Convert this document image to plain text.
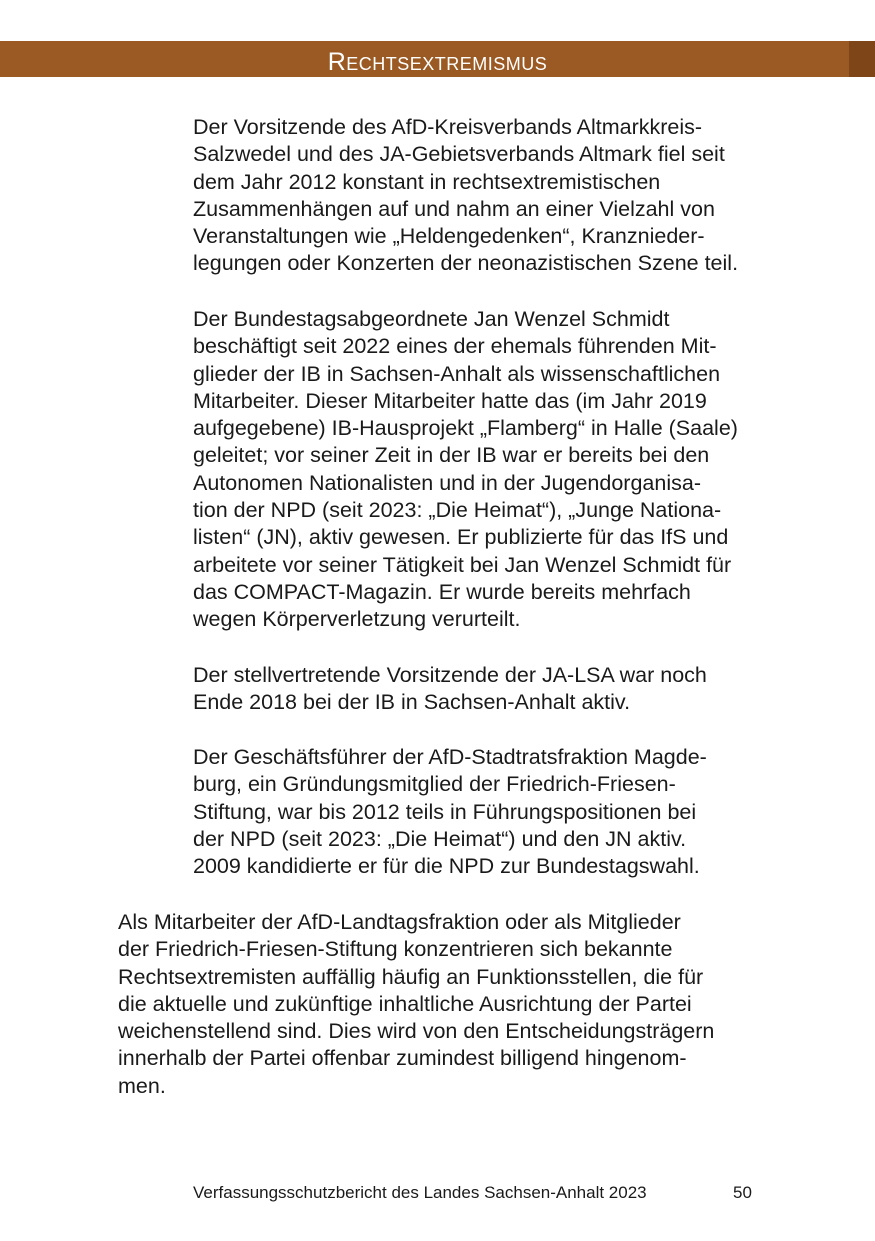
Rechtsextremismus

Der Vorsitzende des AfD-Kreisverbands Altmarkkreis-
Salzwedel und des JA-Gebietsverbands Altmark fiel seit
dem Jahr 2012 konstant in rechtsextremistischen
Zusammenhängen auf und nahm an einer Vielzahl von
Veranstaltungen wie „Heldengedenken“, Kranznieder-
legungen oder Konzerten der neonazistischen Szene teil.

Der Bundestagsabgeordnete Jan Wenzel Schmidt
beschäftigt seit 2022 eines der ehemals führenden Mit-
glieder der IB in Sachsen-Anhalt als wissenschaftlichen
Mitarbeiter. Dieser Mitarbeiter hatte das (im Jahr 2019
aufgegebene) IB-Hausprojekt „Flamberg“ in Halle (Saale)
geleitet; vor seiner Zeit in der IB war er bereits bei den
Autonomen Nationalisten und in der Jugendorganisa-
tion der NPD (seit 2023: „Die Heimat“), „Junge Nationa-
listen“ (JN), aktiv gewesen. Er publizierte für das IfS und
arbeitete vor seiner Tätigkeit bei Jan Wenzel Schmidt für
das COMPACT-Magazin. Er wurde bereits mehrfach
wegen Körperverletzung verurteilt.

Der stellvertretende Vorsitzende der JA-LSA war noch
Ende 2018 bei der IB in Sachsen-Anhalt aktiv.

Der Geschäftsführer der AfD-Stadtratsfraktion Magde-
burg, ein Gründungsmitglied der Friedrich-Friesen-
Stiftung, war bis 2012 teils in Führungspositionen bei
der NPD (seit 2023: „Die Heimat“) und den JN aktiv.
2009 kandidierte er für die NPD zur Bundestagswahl.

Als Mitarbeiter der AfD-Landtagsfraktion oder als Mitglieder
der Friedrich-Friesen-Stiftung konzentrieren sich bekannte
Rechtsextremisten auffällig häufig an Funktionsstellen, die für
die aktuelle und zukünftige inhaltliche Ausrichtung der Partei
weichenstellend sind. Dies wird von den Entscheidungsträgern
innerhalb der Partei offenbar zumindest billigend hingenom-
men.

Verfassungsschutzbericht des Landes Sachsen-Anhalt 2023	50
